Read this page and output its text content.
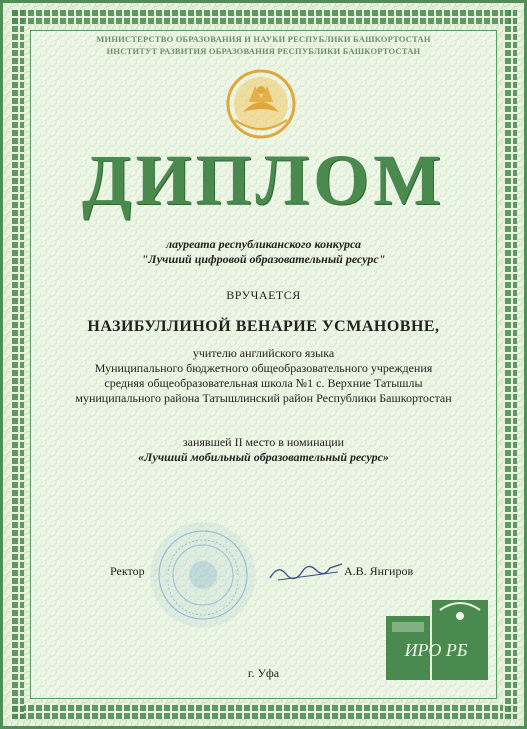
МИНИСТЕРСТВО ОБРАЗОВАНИЯ И НАУКИ РЕСПУБЛИКИ БАШКОРТОСТАН
ИНСТИТУТ РАЗВИТИЯ ОБРАЗОВАНИЯ РЕСПУБЛИКИ БАШКОРТОСТАН
ДИПЛОМ
лауреата республиканского конкурса
"Лучший цифровой образовательный ресурс"
ВРУЧАЕТСЯ
НАЗИБУЛЛИНОЙ ВЕНАРИЕ УСМАНОВНЕ,
учителю английского языка
Муниципального бюджетного общеобразовательного учреждения
средняя общеобразовательная школа №1 с. Верхние Татышлы
муниципального района Татышлинский район Республики Башкортостан
занявшей II место в номинации
«Лучший мобильный образовательный ресурс»
Ректор	А.В. Янгиров
ИРО РБ
г. Уфа
